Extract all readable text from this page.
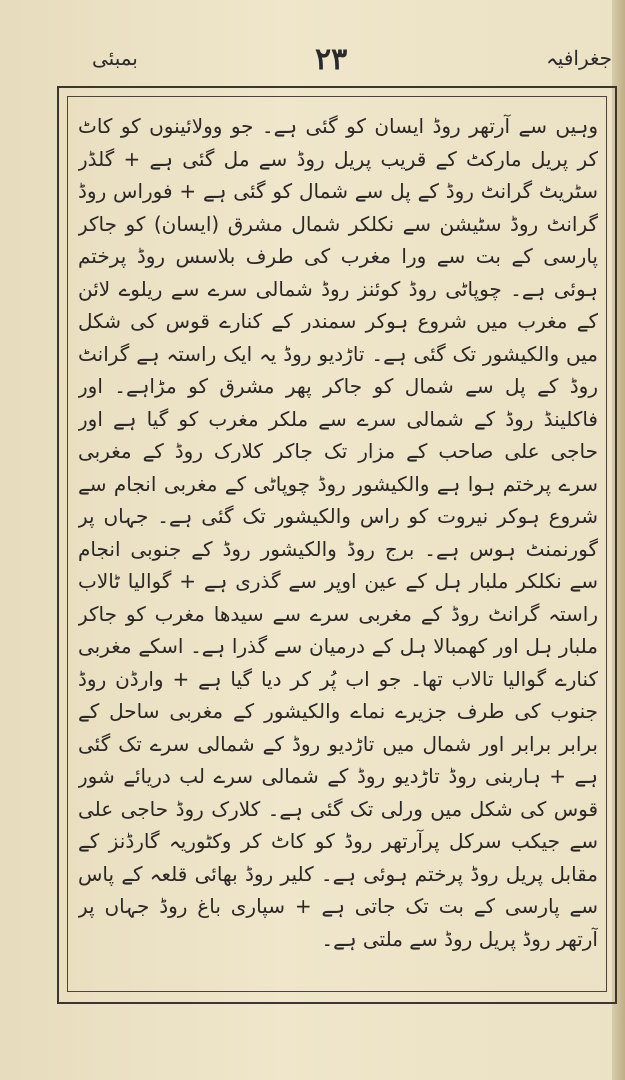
بمبئی	۲۳	جغرافیہ

وہیں سے آرتھر روڈ ایسان کو گئی ہے۔ جو وولائینوں کو کاٹ کر پریل مارکٹ کے قریب پریل روڈ سے مل گئی ہے + گلڈر سٹریٹ گرانٹ روڈ کے پل سے شمال کو گئی ہے + فوراس روڈ گرانٹ روڈ سٹیشن سے نکلکر شمال مشرق (ایسان) کو جاکر پارسی کے بت سے ورا مغرب کی طرف بلاسس روڈ پرختم ہوئی ہے۔ چوپاٹی روڈ کوئنز روڈ شمالی سرے سے ریلوے لائن کے مغرب میں شروع ہوکر سمندر کے کنارے قوس کی شکل میں والکیشور تک گئی ہے۔ تاڑدیو روڈ یہ ایک راستہ ہے گرانٹ روڈ کے پل سے شمال کو جاکر پھر مشرق کو مڑاہے۔ اور فاکلینڈ روڈ کے شمالی سرے سے ملکر مغرب کو گیا ہے اور حاجی علی صاحب کے مزار تک جاکر کلارک روڈ کے مغربی سرے پرختم ہوا ہے والکیشور روڈ چوپاٹی کے مغربی انجام سے شروع ہوکر نیروت کو راس والکیشور تک گئی ہے۔ جہاں پر گورنمنٹ ہوس ہے۔ برج روڈ والکیشور روڈ کے جنوبی انجام سے نکلکر ملبار ہل کے عین اوپر سے گذری ہے + گوالیا ٹالاب راستہ گرانٹ روڈ کے مغربی سرے سے سیدھا مغرب کو جاکر ملبار ہل اور کھمبالا ہل کے درمیان سے گذرا ہے۔ اسکے مغربی کنارے گوالیا تالاب تھا۔ جو اب پُر کر دیا گیا ہے + وارڈن روڈ جنوب کی طرف جزیرے نماے والکیشور کے مغربی ساحل کے برابر برابر اور شمال میں تاڑدیو روڈ کے شمالی سرے تک گئی ہے + ہاربنی روڈ تاڑدیو روڈ کے شمالی سرے لب دریائے شور قوس کی شکل میں ورلی تک گئی ہے۔ کلارک روڈ حاجی علی سے جیکب سرکل پرآرتھر روڈ کو کاٹ کر وکٹوریہ گارڈنز کے مقابل پریل روڈ پرختم ہوئی ہے۔ کلیر روڈ بھائی قلعہ کے پاس سے پارسی کے بت تک جاتی ہے + سپاری باغ روڈ جہاں پر آرتھر روڈ پریل روڈ سے ملتی ہے۔
